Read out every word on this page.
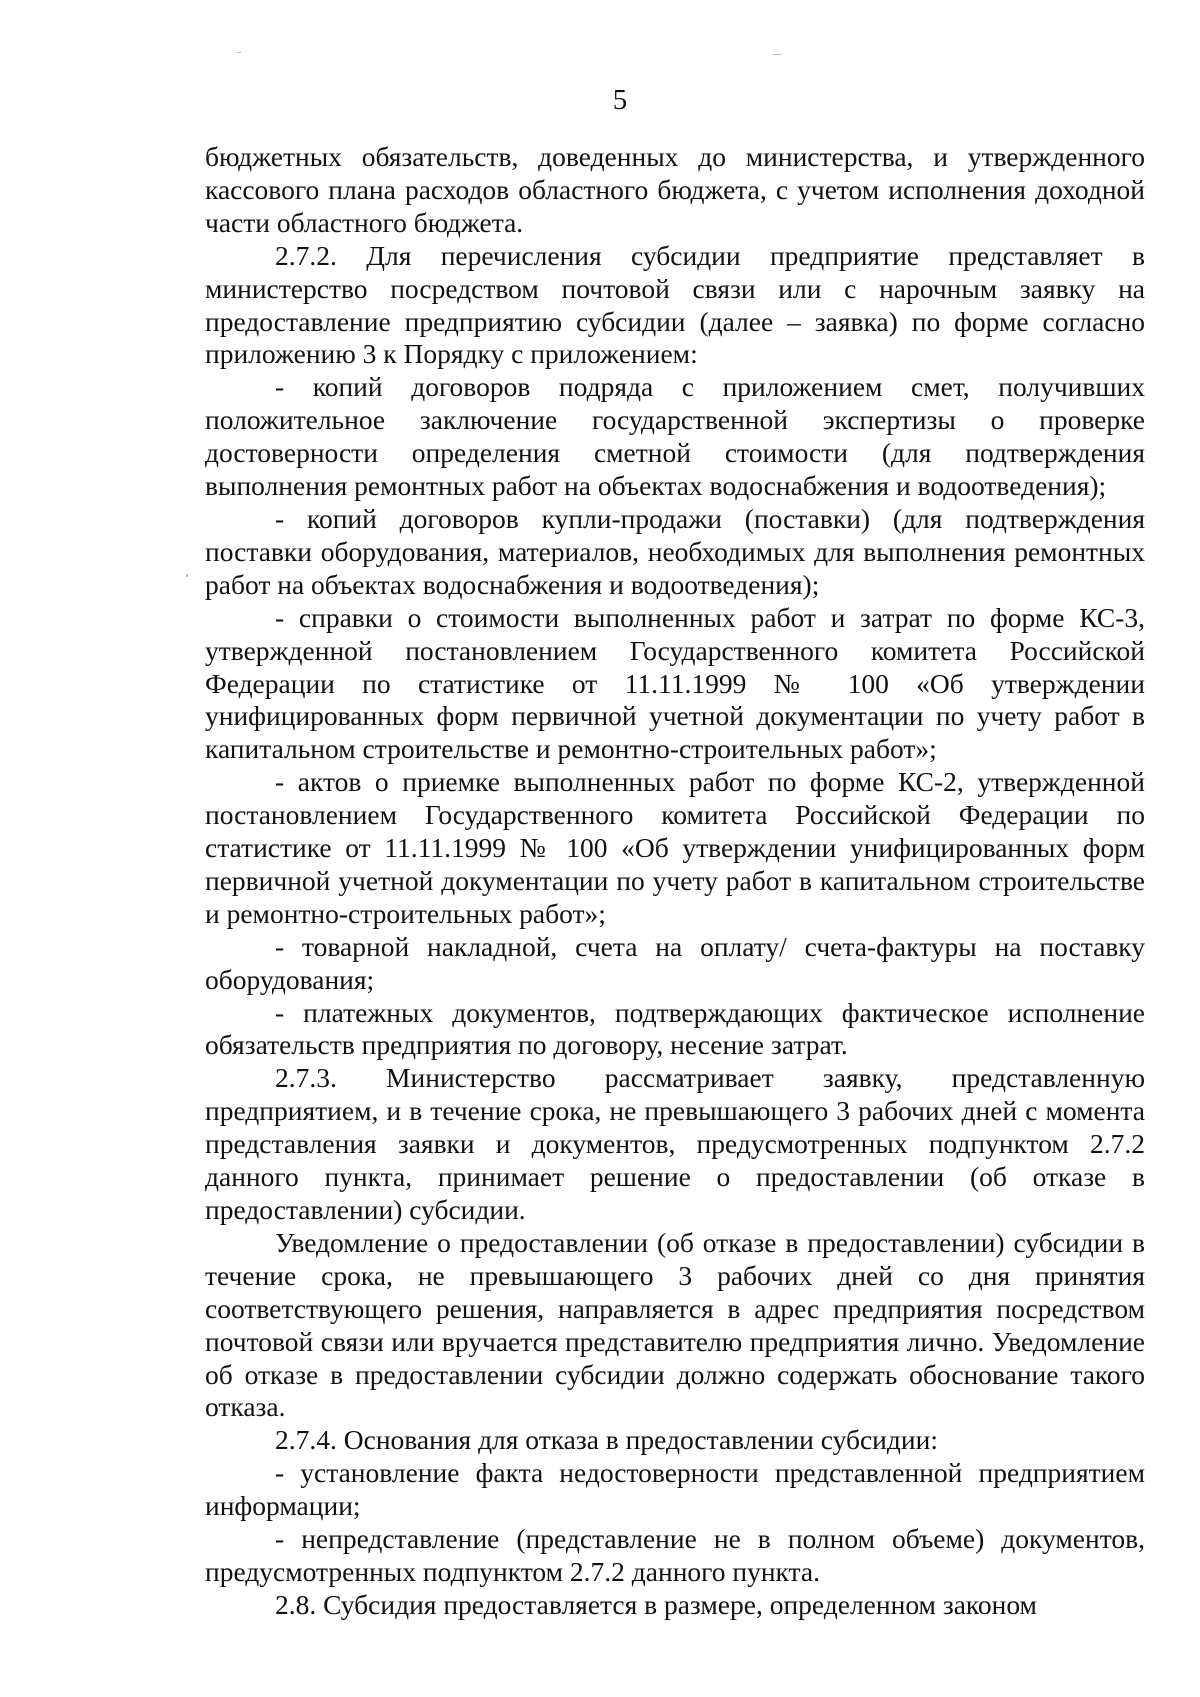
5

бюджетных обязательств, доведенных до министерства, и утвержденного кассового плана расходов областного бюджета, с учетом исполнения доходной части областного бюджета.

2.7.2. Для перечисления субсидии предприятие представляет в министерство посредством почтовой связи или с нарочным заявку на предоставление предприятию субсидии (далее – заявка) по форме согласно приложению 3 к Порядку с приложением:

- копий договоров подряда с приложением смет, получивших положительное заключение государственной экспертизы о проверке достоверности определения сметной стоимости (для подтверждения выполнения ремонтных работ на объектах водоснабжения и водоотведения);

- копий договоров купли-продажи (поставки) (для подтверждения поставки оборудования, материалов, необходимых для выполнения ремонтных работ на объектах водоснабжения и водоотведения);

- справки о стоимости выполненных работ и затрат по форме КС-3, утвержденной постановлением Государственного комитета Российской Федерации по статистике от 11.11.1999 № 100 «Об утверждении унифицированных форм первичной учетной документации по учету работ в капитальном строительстве и ремонтно-строительных работ»;

- актов о приемке выполненных работ по форме КС-2, утвержденной постановлением Государственного комитета Российской Федерации по статистике от 11.11.1999 № 100 «Об утверждении унифицированных форм первичной учетной документации по учету работ в капитальном строительстве и ремонтно-строительных работ»;

- товарной накладной, счета на оплату/ счета-фактуры на поставку оборудования;

- платежных документов, подтверждающих фактическое исполнение обязательств предприятия по договору, несение затрат.

2.7.3. Министерство рассматривает заявку, представленную предприятием, и в течение срока, не превышающего 3 рабочих дней с момента представления заявки и документов, предусмотренных подпунктом 2.7.2 данного пункта, принимает решение о предоставлении (об отказе в предоставлении) субсидии.

Уведомление о предоставлении (об отказе в предоставлении) субсидии в течение срока, не превышающего 3 рабочих дней со дня принятия соответствующего решения, направляется в адрес предприятия посредством почтовой связи или вручается представителю предприятия лично. Уведомление об отказе в предоставлении субсидии должно содержать обоснование такого отказа.

2.7.4. Основания для отказа в предоставлении субсидии:

- установление факта недостоверности представленной предприятием информации;

- непредставление (представление не в полном объеме) документов, предусмотренных подпунктом 2.7.2 данного пункта.

2.8. Субсидия предоставляется в размере, определенном законом
